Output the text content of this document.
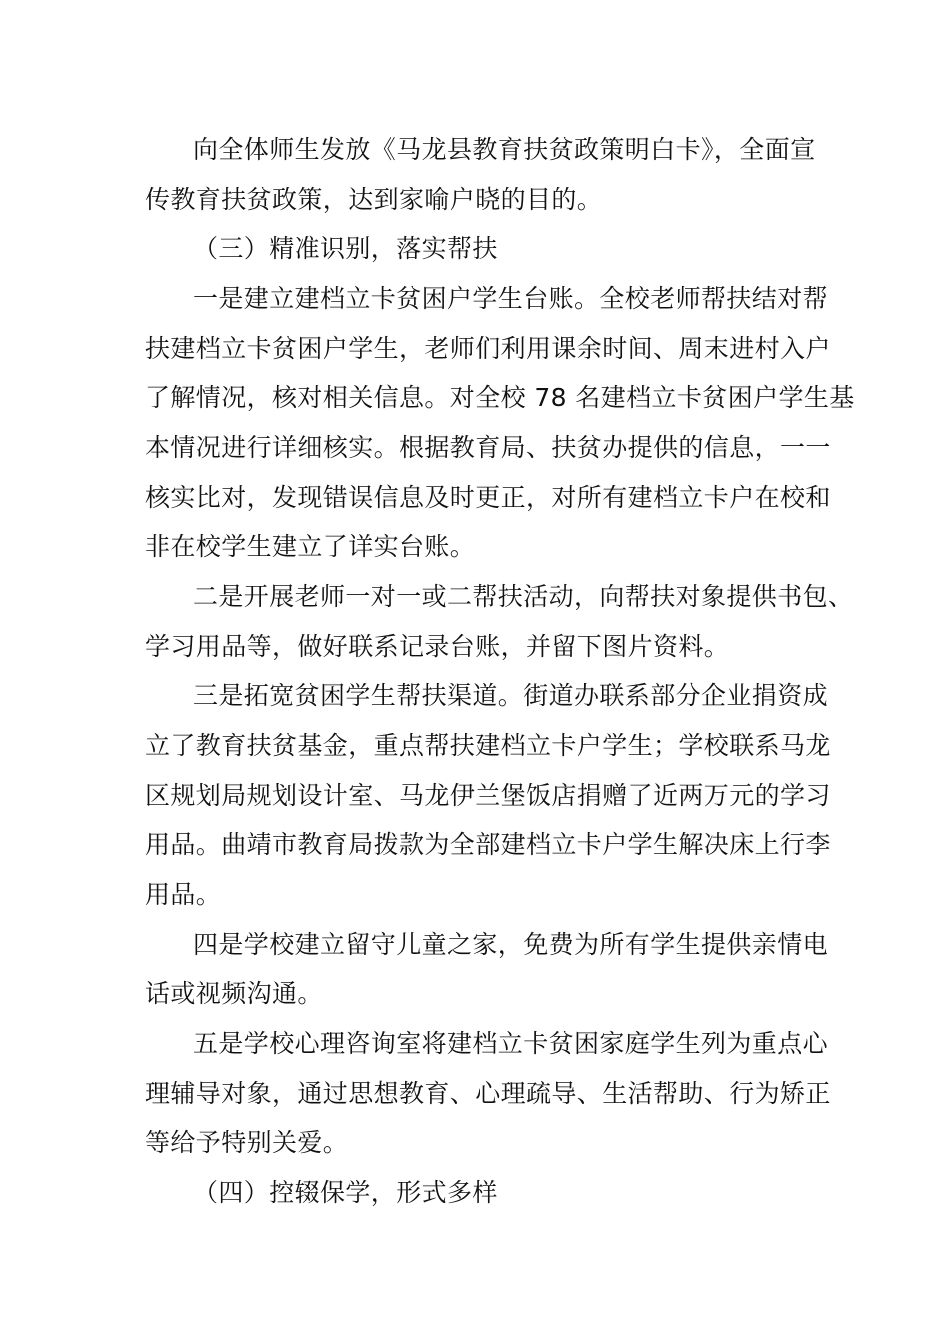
向全体师生发放《马龙县教育扶贫政策明白卡》，全面宣
传教育扶贫政策，达到家喻户晓的目的。
（三）精准识别，落实帮扶
一是建立建档立卡贫困户学生台账。全校老师帮扶结对帮
扶建档立卡贫困户学生，老师们利用课余时间、周末进村入户
了解情况，核对相关信息。对全校 78 名建档立卡贫困户学生基
本情况进行详细核实。根据教育局、扶贫办提供的信息，一一
核实比对，发现错误信息及时更正，对所有建档立卡户在校和
非在校学生建立了详实台账。
二是开展老师一对一或二帮扶活动，向帮扶对象提供书包、
学习用品等，做好联系记录台账，并留下图片资料。
三是拓宽贫困学生帮扶渠道。街道办联系部分企业捐资成
立了教育扶贫基金，重点帮扶建档立卡户学生；学校联系马龙
区规划局规划设计室、马龙伊兰堡饭店捐赠了近两万元的学习
用品。曲靖市教育局拨款为全部建档立卡户学生解决床上行李
用品。
四是学校建立留守儿童之家，免费为所有学生提供亲情电
话或视频沟通。
五是学校心理咨询室将建档立卡贫困家庭学生列为重点心
理辅导对象，通过思想教育、心理疏导、生活帮助、行为矫正
等给予特别关爱。
（四）控辍保学，形式多样
